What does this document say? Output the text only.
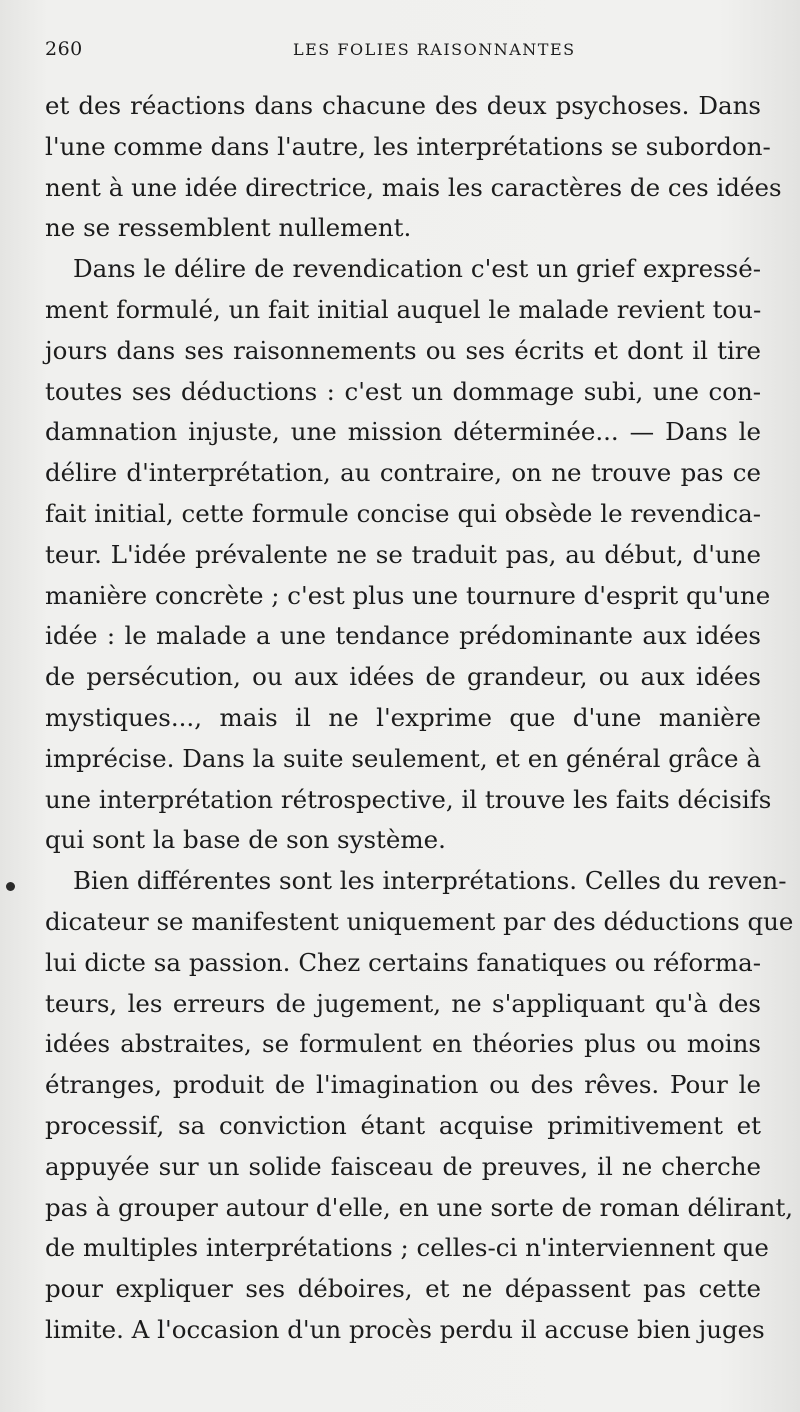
260	LES FOLIES RAISONNANTES
et des réactions dans chacune des deux psychoses. Dans
l'une comme dans l'autre, les interprétations se subordon-
nent à une idée directrice, mais les caractères de ces idées
ne se ressemblent nullement.
Dans le délire de revendication c'est un grief expressé-
ment formulé, un fait initial auquel le malade revient tou-
jours dans ses raisonnements ou ses écrits et dont il tire
toutes ses déductions : c'est un dommage subi, une con-
damnation injuste, une mission déterminée... — Dans le
délire d'interprétation, au contraire, on ne trouve pas ce
fait initial, cette formule concise qui obsède le revendica-
teur. L'idée prévalente ne se traduit pas, au début, d'une
manière concrète ; c'est plus une tournure d'esprit qu'une
idée : le malade a une tendance prédominante aux idées
de persécution, ou aux idées de grandeur, ou aux idées
mystiques..., mais il ne l'exprime que d'une manière
imprécise. Dans la suite seulement, et en général grâce à
une interprétation rétrospective, il trouve les faits décisifs
qui sont la base de son système.
Bien différentes sont les interprétations. Celles du reven-
dicateur se manifestent uniquement par des déductions que
lui dicte sa passion. Chez certains fanatiques ou réforma-
teurs, les erreurs de jugement, ne s'appliquant qu'à des
idées abstraites, se formulent en théories plus ou moins
étranges, produit de l'imagination ou des rêves. Pour le
processif, sa conviction étant acquise primitivement et
appuyée sur un solide faisceau de preuves, il ne cherche
pas à grouper autour d'elle, en une sorte de roman délirant,
de multiples interprétations ; celles-ci n'interviennent que
pour expliquer ses déboires, et ne dépassent pas cette
limite. A l'occasion d'un procès perdu il accuse bien juges
